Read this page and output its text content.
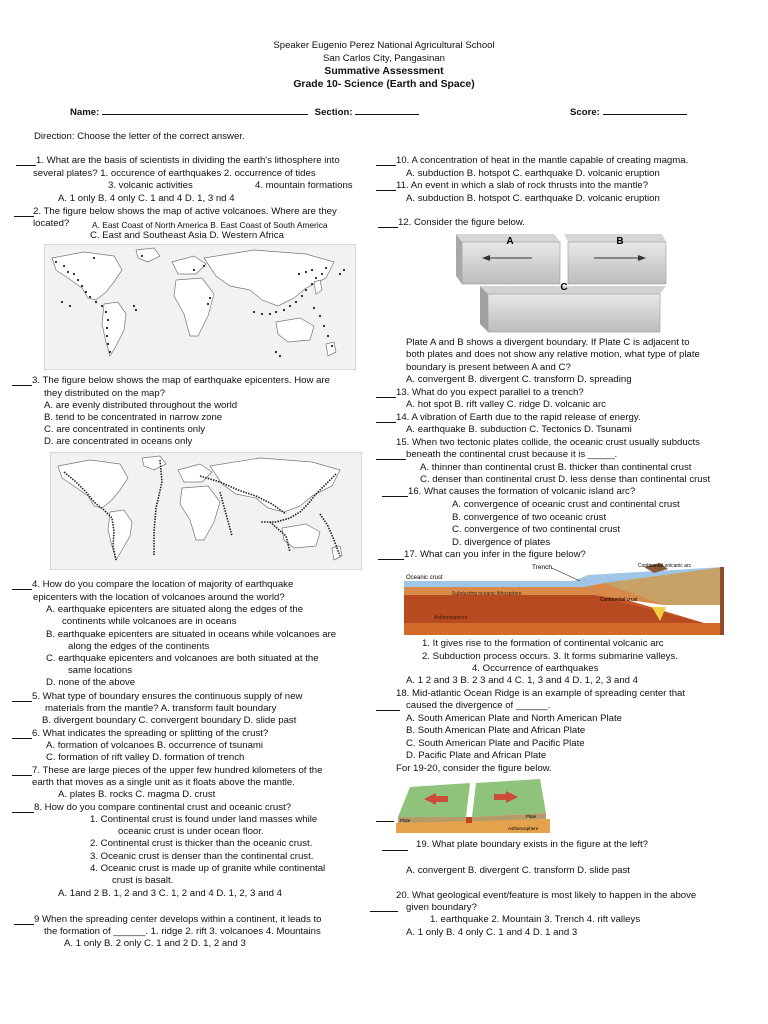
Speaker Eugenio Perez National Agricultural School
San Carlos City, Pangasinan
Summative Assessment
Grade 10- Science (Earth and Space)
Name:	Section:	Score:
Direction: Choose the letter of the correct answer.
1. What are the basis of scientists in dividing the earth's lithosphere into
several plates? 1. occurence of earthquakes 2. occurrence of tides
3. volcanic activities	4. mountain formations
A. 1 only B. 4 only C. 1 and 4 D. 1, 3 nd 4
2. The figure below shows the map of active volcanoes. Where are they
located?	A. East Coast of North America B. East Coast of South America
C. East and Southeast Asia D. Western Africa
3. The figure below shows the map of earthquake epicenters. How are
they distributed on the map?
A. are evenly distributed throughout the world
B. tend to be concentrated in narrow zone
C. are concentrated in continents only
D. are concentrated in oceans only
4. How do you compare the location of majority of earthquake
epicenters with the location of volcanoes around the world?
A. earthquake epicenters are situated along the edges of the
continents while volcanoes are in oceans
B. earthquake epicenters are situated in oceans while volcanoes are
along the edges of the continents
C. earthquake epicenters and volcanoes are both situated at the
same locations
D. none of the above
5. What type of boundary ensures the continuous supply of new
materials from the mantle? A. transform fault boundary
B. divergent boundary C. convergent boundary D. slide past
6. What indicates the spreading or splitting of the crust?
A. formation of volcanoes B. occurrence of tsunami
C. formation of rift valley D. formation of trench
7. These are large pieces of the upper few hundred kilometers of the
earth that moves as a single unit as it floats above the mantle.
A. plates B. rocks C. magma D. crust
8. How do you compare continental crust and oceanic crust?
1. Continental crust is found under land masses while
oceanic crust is under ocean floor.
2. Continental crust is thicker than the oceanic crust.
3. Oceanic crust is denser than the continental crust.
4. Oceanic crust is made up of granite while continental
crust is basalt.
A. 1and 2 B. 1, 2 and 3 C. 1, 2 and 4 D. 1, 2, 3 and 4
9 When the spreading center develops within a continent, it leads to
the formation of ______. 1. ridge 2. rift 3. volcanoes 4. Mountains
A. 1 only B. 2 only C. 1 and 2 D. 1, 2 and 3
10. A concentration of heat in the mantle capable of creating magma.
A. subduction B. hotspot C. earthquake D. volcanic eruption
11. An event in which a slab of rock thrusts into the mantle?
A. subduction B. hotspot C. earthquake D. volcanic eruption
12. Consider the figure below.
A	B
C
Plate A and B shows a divergent boundary. If Plate C is adjacent to
both plates and does not show any relative motion, what type of plate
boundary is present between A and C?
A. convergent B. divergent C. transform D. spreading
13. What do you expect parallel to a trench?
A. hot spot B. rift valley C. ridge D. volcanic arc
14. A vibration of Earth due to the rapid release of energy.
A. earthquake B. subduction C. Tectonics D. Tsunami
15. When two tectonic plates collide, the oceanic crust usually subducts
beneath the continental crust because it is _____.
A. thinner than continental crust B. thicker than continental crust
C. denser than continental crust D. less dense than continental crust
16. What causes the formation of volcanic island arc?
A. convergence of oceanic crust and continental crust
B. convergence of two oceanic crust
C. convergence of two continental crust
D. divergence of plates
17. What can you infer in the figure below?
Trench
Oceanic crust
Continental volcanic arc
Continental crust
Subducting oceanic lithosphere
Asthenosphere
1. It gives rise to the formation of continental volcanic arc
2. Subduction process occurs. 3. It forms submarine valleys.
4. Occurrence of earthquakes
A. 1 2 and 3 B. 2 3 and 4 C. 1, 3 and 4 D. 1, 2, 3 and 4
18. Mid-atlantic Ocean Ridge is an example of spreading center that
caused the divergence of ______.
A. South American Plate and North American Plate
B. South American Plate and African Plate
C. South American Plate and Pacific Plate
D. Pacific Plate and African Plate
For 19-20, consider the figure below.
Plate
Plate
Asthenosphere
19. What plate boundary exists in the figure at the left?
A. convergent B. divergent C. transform D. slide past
20. What geological event/feature is most likely to happen in the above
given boundary?
1. earthquake 2. Mountain 3. Trench 4. rift valleys
A. 1 only B. 4 only C. 1 and 4 D. 1 and 3
